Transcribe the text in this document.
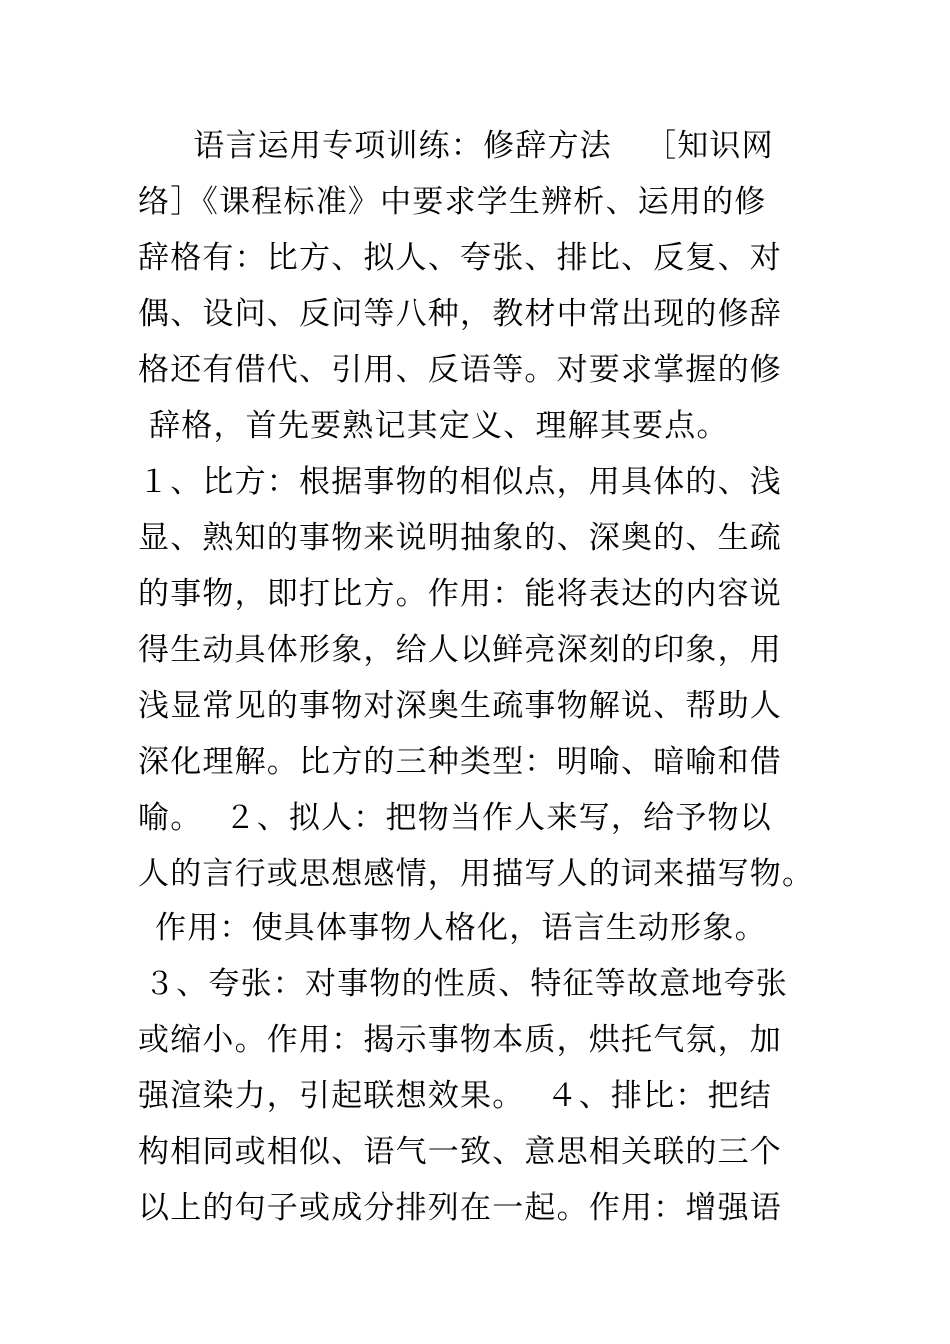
语言运用专项训练：修辞方法   ［知识网
络］《课程标准》中要求学生辨析、运用的修
辞格有：比方、拟人、夸张、排比、反复、对
偶、设问、反问等八种，教材中常出现的修辞
格还有借代、引用、反语等。对要求掌握的修
辞格，首先要熟记其定义、理解其要点。
１、比方：根据事物的相似点，用具体的、浅
显、熟知的事物来说明抽象的、深奥的、生疏
的事物，即打比方。作用：能将表达的内容说
得生动具体形象，给人以鲜亮深刻的印象，用
浅显常见的事物对深奥生疏事物解说、帮助人
深化理解。比方的三种类型：明喻、暗喻和借
喻。  ２、拟人：把物当作人来写，给予物以
人的言行或思想感情，用描写人的词来描写物。
作用：使具体事物人格化，语言生动形象。
３、夸张：对事物的性质、特征等故意地夸张
或缩小。作用：揭示事物本质，烘托气氛，加
强渲染力，引起联想效果。  ４、排比：把结
构相同或相似、语气一致、意思相关联的三个
以上的句子或成分排列在一起。作用：增强语
